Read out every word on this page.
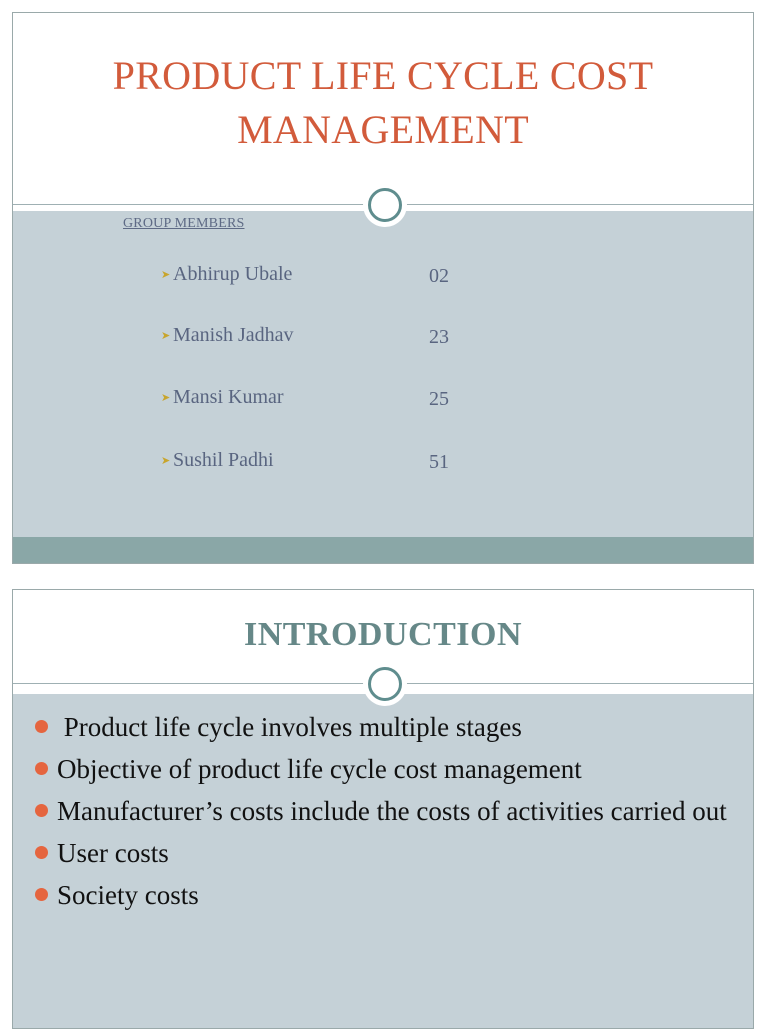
PRODUCT LIFE CYCLE COST MANAGEMENT
GROUP MEMBERS
➤ Abhirup Ubale	02
➤ Manish Jadhav	23
➤ Mansi Kumar	25
➤ Sushil Padhi	51
INTRODUCTION
Product life cycle involves multiple stages
Objective of product life cycle cost management
Manufacturer’s costs include the costs of activities carried out
User costs
Society costs
